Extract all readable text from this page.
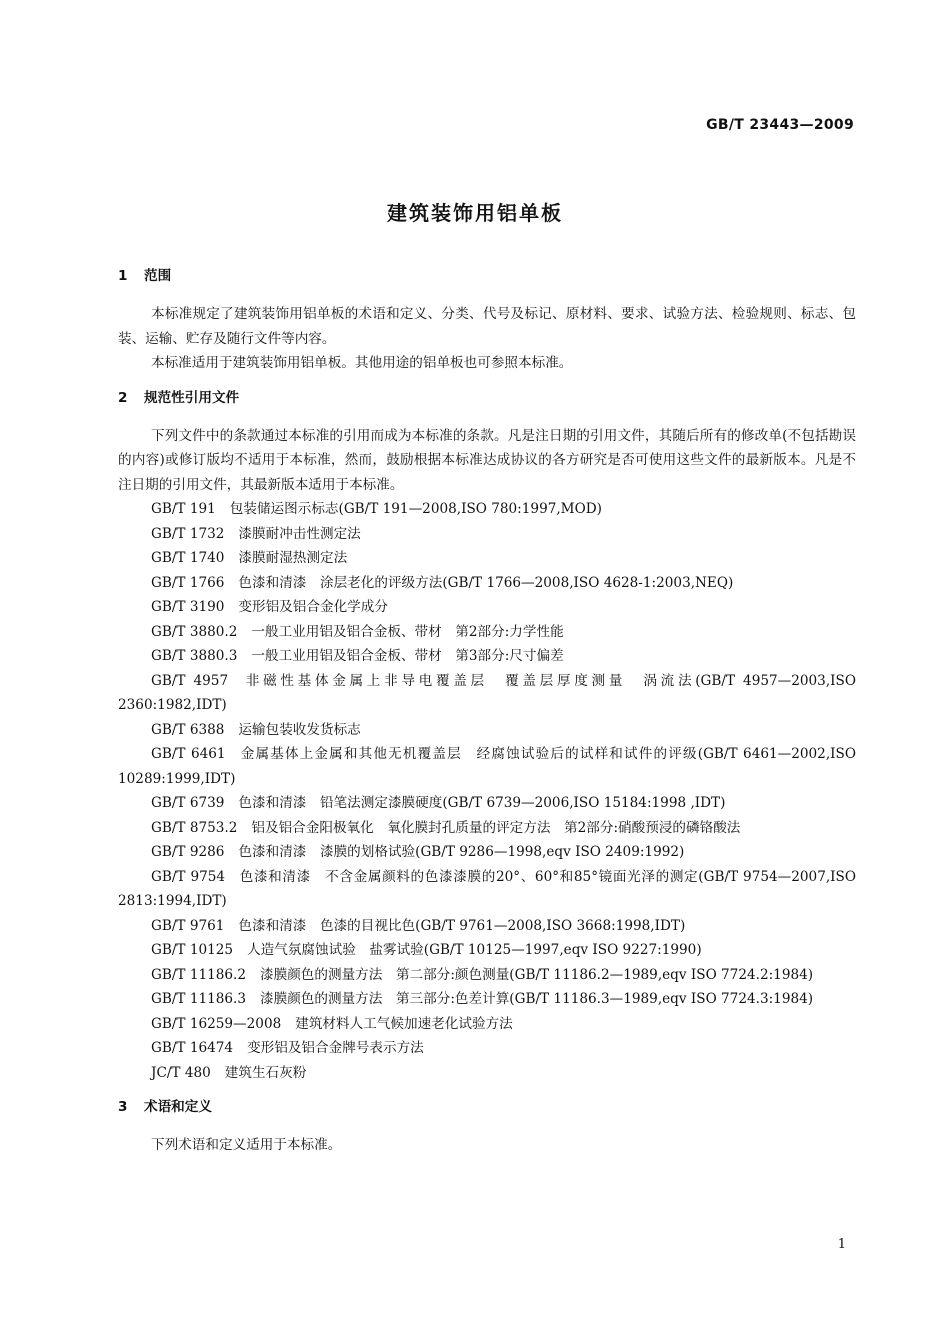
GB/T 23443—2009
建筑装饰用铝单板
1 范围

本标准规定了建筑装饰用铝单板的术语和定义、分类、代号及标记、原材料、要求、试验方法、检验规则、标志、包装、运输、贮存及随行文件等内容。

本标准适用于建筑装饰用铝单板。其他用途的铝单板也可参照本标准。

2 规范性引用文件

下列文件中的条款通过本标准的引用而成为本标准的条款。凡是注日期的引用文件，其随后所有的修改单(不包括勘误的内容)或修订版均不适用于本标准，然而，鼓励根据本标准达成协议的各方研究是否可使用这些文件的最新版本。凡是不注日期的引用文件，其最新版本适用于本标准。

GB/T 191 包装储运图示标志(GB/T 191—2008,ISO 780:1997,MOD)

GB/T 1732 漆膜耐冲击性测定法

GB/T 1740 漆膜耐湿热测定法

GB/T 1766 色漆和清漆　涂层老化的评级方法(GB/T 1766—2008,ISO 4628-1:2003,NEQ)

GB/T 3190 变形铝及铝合金化学成分

GB/T 3880.2 一般工业用铝及铝合金板、带材　第2部分:力学性能

GB/T 3880.3 一般工业用铝及铝合金板、带材　第3部分:尺寸偏差

GB/T 4957 非磁性基体金属上非导电覆盖层　覆盖层厚度测量　涡流法(GB/T 4957—2003,ISO 2360:1982,IDT)

GB/T 6388 运输包装收发货标志

GB/T 6461 金属基体上金属和其他无机覆盖层　经腐蚀试验后的试样和试件的评级(GB/T 6461—2002,ISO 10289:1999,IDT)

GB/T 6739 色漆和清漆　铅笔法测定漆膜硬度(GB/T 6739—2006,ISO 15184:1998 ,IDT)

GB/T 8753.2 铝及铝合金阳极氧化　氧化膜封孔质量的评定方法　第2部分:硝酸预浸的磷铬酸法

GB/T 9286 色漆和清漆　漆膜的划格试验(GB/T 9286—1998,eqv ISO 2409:1992)

GB/T 9754 色漆和清漆　不含金属颜料的色漆漆膜的20°、60°和85°镜面光泽的测定(GB/T 9754—2007,ISO 2813:1994,IDT)

GB/T 9761 色漆和清漆　色漆的目视比色(GB/T 9761—2008,ISO 3668:1998,IDT)

GB/T 10125 人造气氛腐蚀试验　盐雾试验(GB/T 10125—1997,eqv ISO 9227:1990)

GB/T 11186.2 漆膜颜色的测量方法　第二部分:颜色测量(GB/T 11186.2—1989,eqv ISO 7724.2:1984)

GB/T 11186.3 漆膜颜色的测量方法　第三部分:色差计算(GB/T 11186.3—1989,eqv ISO 7724.3:1984)

GB/T 16259—2008 建筑材料人工气候加速老化试验方法

GB/T 16474 变形铝及铝合金牌号表示方法

JC/T 480 建筑生石灰粉

3 术语和定义

下列术语和定义适用于本标准。

1
